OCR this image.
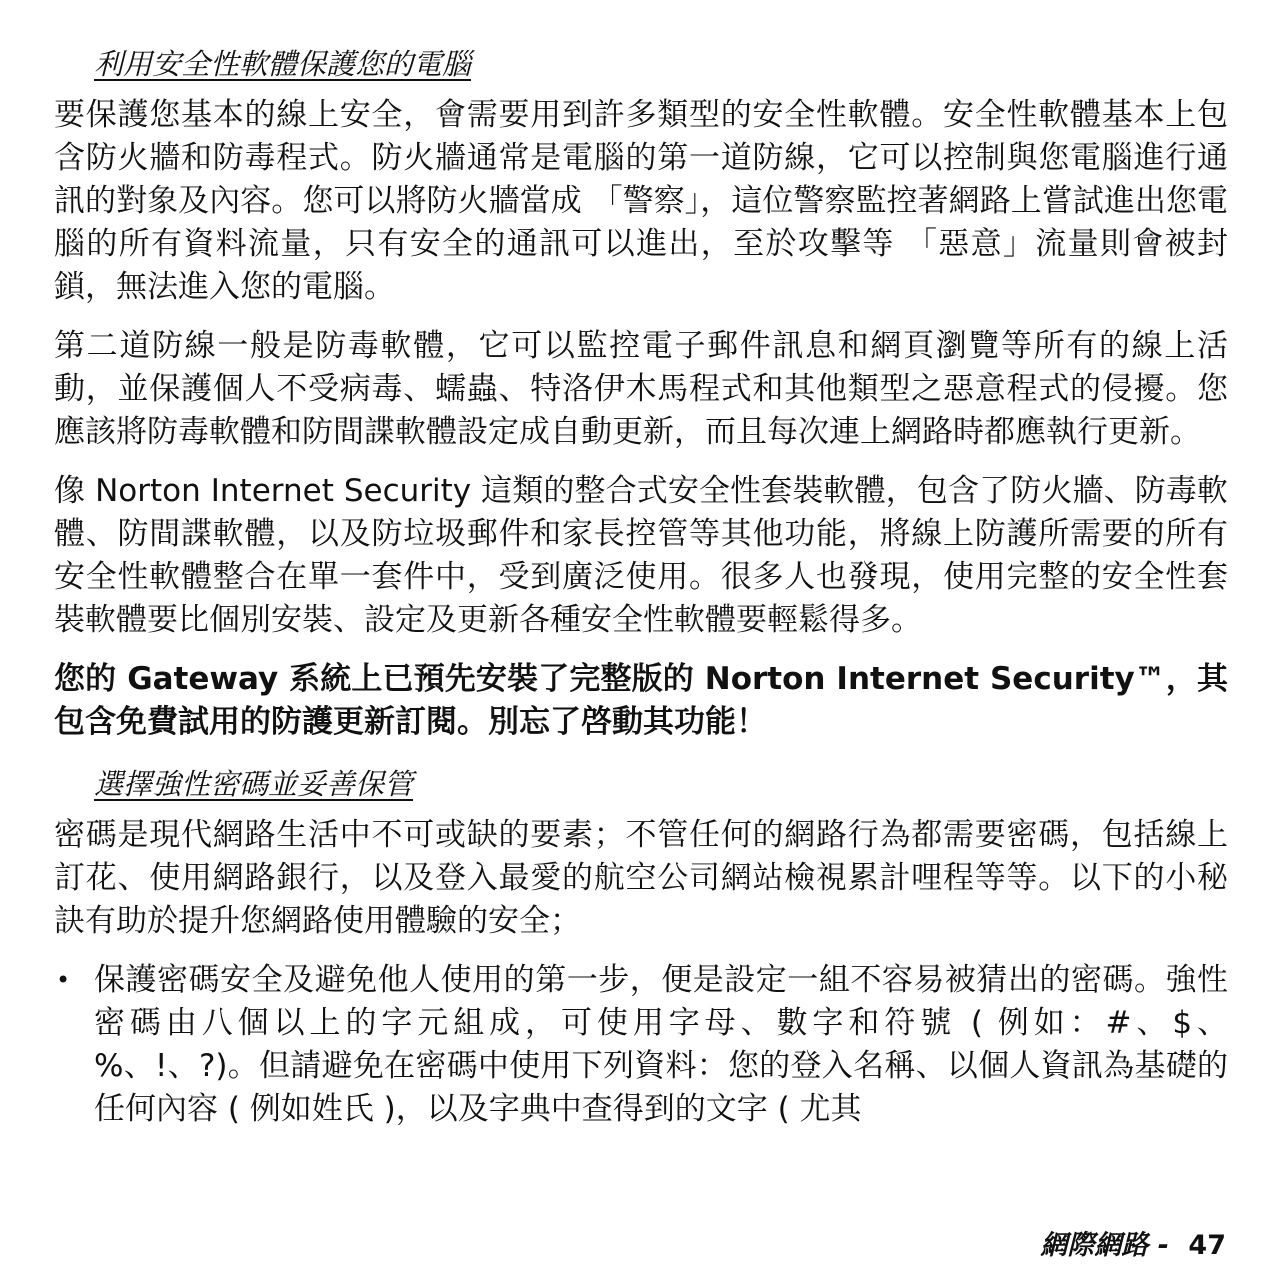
利用安全性軟體保護您的電腦

要保護您基本的線上安全，會需要用到許多類型的安全性軟體。安全性軟體基本上包含防火牆和防毒程式。防火牆通常是電腦的第一道防線，它可以控制與您電腦進行通訊的對象及內容。您可以將防火牆當成 「警察」，這位警察監控著網路上嘗試進出您電腦的所有資料流量，只有安全的通訊可以進出，至於攻擊等 「惡意」流量則會被封鎖，無法進入您的電腦。

第二道防線一般是防毒軟體，它可以監控電子郵件訊息和網頁瀏覽等所有的線上活動，並保護個人不受病毒、蠕蟲、特洛伊木馬程式和其他類型之惡意程式的侵擾。您應該將防毒軟體和防間諜軟體設定成自動更新，而且每次連上網路時都應執行更新。

像 Norton Internet Security 這類的整合式安全性套裝軟體，包含了防火牆、防毒軟體、防間諜軟體，以及防垃圾郵件和家長控管等其他功能，將線上防護所需要的所有安全性軟體整合在單一套件中，受到廣泛使用。很多人也發現，使用完整的安全性套裝軟體要比個別安裝、設定及更新各種安全性軟體要輕鬆得多。

您的 Gateway 系統上已預先安裝了完整版的 Norton Internet Security™，其包含免費試用的防護更新訂閱。別忘了啓動其功能！

選擇強性密碼並妥善保管

密碼是現代網路生活中不可或缺的要素；不管任何的網路行為都需要密碼，包括線上訂花、使用網路銀行，以及登入最愛的航空公司網站檢視累計哩程等等。以下的小秘訣有助於提升您網路使用體驗的安全；

• 保護密碼安全及避免他人使用的第一步，便是設定一組不容易被猜出的密碼。強性密碼由八個以上的字元組成，可使用字母、數字和符號 ( 例如：#、$、%、!、?)。但請避免在密碼中使用下列資料：您的登入名稱、以個人資訊為基礎的任何內容 ( 例如姓氏 )，以及字典中查得到的文字 ( 尤其
網際網路 - 47
